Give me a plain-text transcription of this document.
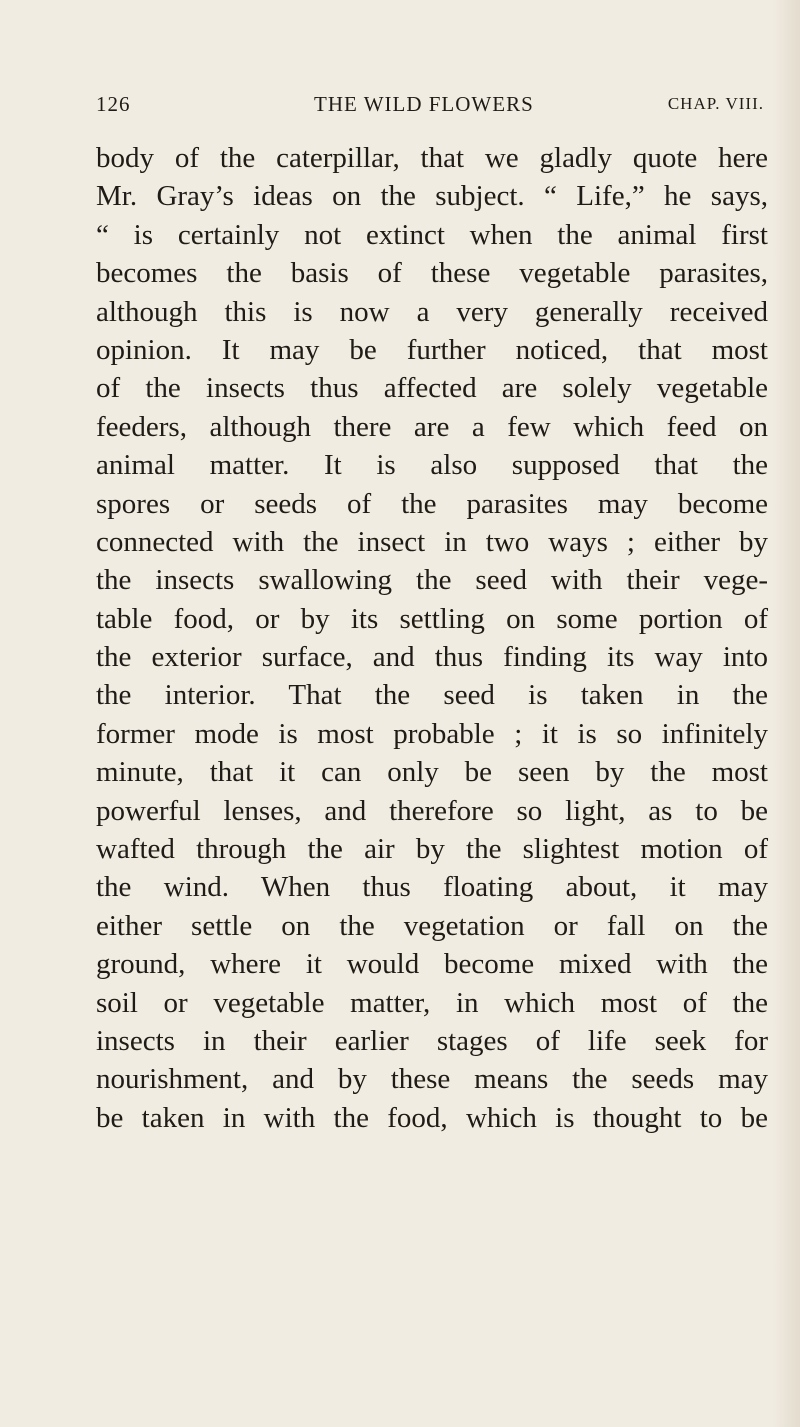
126	THE WILD FLOWERS	CHAP. VIII.
body of the caterpillar, that we gladly quote here
Mr. Gray’s ideas on the subject. “ Life,” he says,
“ is certainly not extinct when the animal first
becomes the basis of these vegetable parasites,
although this is now a very generally received
opinion. It may be further noticed, that most
of the insects thus affected are solely vegetable
feeders, although there are a few which feed on
animal matter. It is also supposed that the
spores or seeds of the parasites may become
connected with the insect in two ways ; either by
the insects swallowing the seed with their vege-
table food, or by its settling on some portion of
the exterior surface, and thus finding its way into
the interior. That the seed is taken in the
former mode is most probable ; it is so infinitely
minute, that it can only be seen by the most
powerful lenses, and therefore so light, as to be
wafted through the air by the slightest motion of
the wind. When thus floating about, it may
either settle on the vegetation or fall on the
ground, where it would become mixed with the
soil or vegetable matter, in which most of the
insects in their earlier stages of life seek for
nourishment, and by these means the seeds may
be taken in with the food, which is thought to be
